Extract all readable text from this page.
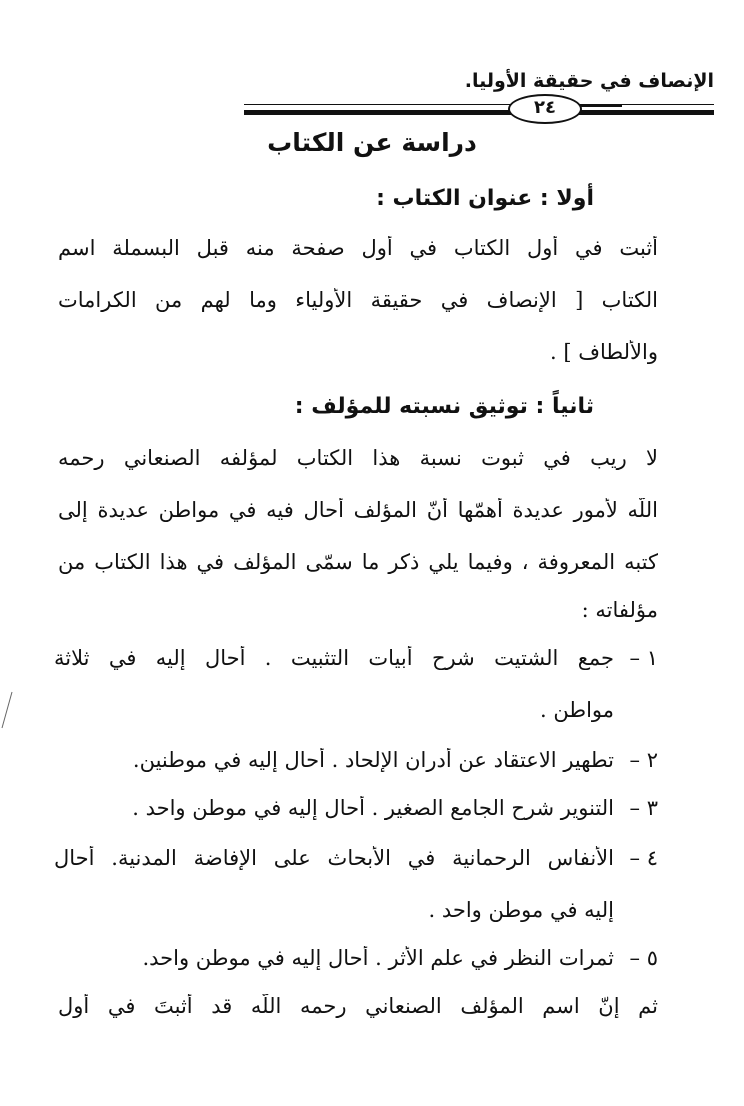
الإنصاف في حقيقة الأوليا.
٢٤
دراسة عن الكتاب
أولا : عنوان الكتاب :
أُثبت في أول الكتاب في أول صفحة منه قبل البسملة اسم
الكتاب [ الإنصاف في حقيقة الأولياء وما لهم من الكرامات
والألطاف ] .
ثانياً : توثيق نسبته للمؤلف :
لا ريب في ثبوت نسبة هذا الكتاب لمؤلفه الصنعاني رحمه
اللّه لأمور عديدة أهمّها أنّ المؤلف أحال فيه في مواطن عديدة إلى
كتبه المعروفة ، وفيما يلي ذكر ما سمّى المؤلف في هذا الكتاب من
مؤلفاته :
١ –
جمع الشتيت شرح أبيات التثبيت . أحال إليه في ثلاثة
مواطن .
٢ –
تطهير الاعتقاد عن أدران الإلحاد . أحال إليه في موطنين.
٣ –
التنوير شرح الجامع الصغير . أحال إليه في موطن واحد .
٤ –
الأنفاس الرحمانية في الأبحاث على الإفاضة المدنية. أحال
إليه في موطن واحد .
٥ –
ثمرات النظر في علم الأثر . أحال إليه في موطن واحد.
ثم إنّ اسم المؤلف الصنعاني رحمه اللّه قد أُثبتَ في أول
